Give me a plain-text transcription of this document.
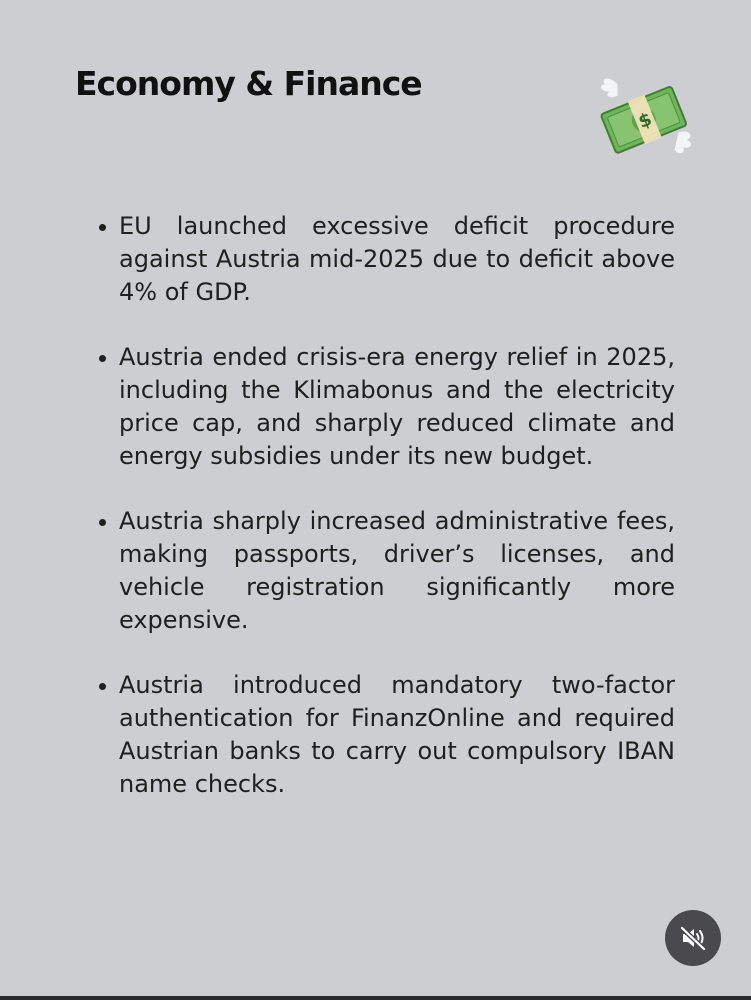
Economy & Finance
$
EU launched excessive deficit procedure against Austria mid-2025 due to deficit above 4% of GDP.
Austria ended crisis-era energy relief in 2025, including the Klimabonus and the electricity price cap, and sharply reduced climate and energy subsidies under its new budget.
Austria sharply increased administrative fees, making passports, driver’s licenses, and vehicle registration significantly more expensive.
Austria introduced mandatory two-factor authentication for FinanzOnline and required Austrian banks to carry out compulsory IBAN name checks.
